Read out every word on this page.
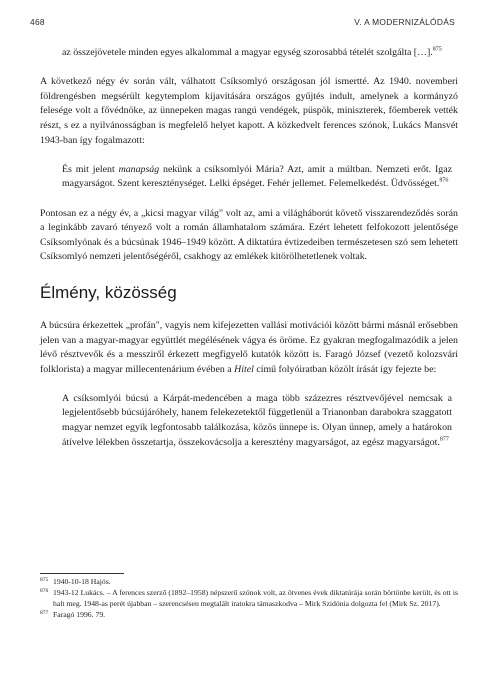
468	V. A MODERNIZÁLÓDÁS

az összejövetele minden egyes alkalommal a magyar egység szorosabbá tételét szolgálta […].$^{875}$

A következő négy év során vált, válhatott Csíksomlyó országosan jól ismertté. Az 1940. novemberi földrengésben megsérült kegytemplom kijavítására országos gyűjtés indult, amelynek a kormányzó felesége volt a fővédnöke, az ünnepeken magas rangú vendégek, püspök, miniszterek, főemberek vették részt, s ez a nyilvánosságban is megfelelő helyet kapott. A közkedvelt ferences szónok, Lukács Mansvét 1943-ban így fogalmazott:

És mit jelent manapság nekünk a csíksomlyói Mária? Azt, amit a múltban. Nemzeti erőt. Igaz magyarságot. Szent kereszténységet. Lelki épséget. Fehér jellemet. Felemelkedést. Üdvösséget.$^{876}$

Pontosan ez a négy év, a „kicsi magyar világ" volt az, ami a világháborút követő visszarendeződés során a leginkább zavaró tényező volt a román államhatalom számára. Ezért lehetett felfokozott jelentősége Csíksomlyónak és a búcsúnak 1946–1949 között. A diktatúra évtizedeiben természetesen szó sem lehetett Csíksomlyó nemzeti jelentőségéről, csakhogy az emlékek kitörölhetetlenek voltak.

Élmény, közösség

A búcsúra érkezettek „profán", vagyis nem kifejezetten vallási motivációi között bármi másnál erősebben jelen van a magyar-magyar együttlét megélésének vágya és öröme. Ez gyakran megfogalmazódik a jelen lévő résztvevők és a messziről érkezett megfigyelő kutatók között is. Faragó József (vezető kolozsvári folklorista) a magyar millecentenárium évében a Hitel című folyóiratban közölt írását így fejezte be:

A csíksomlyói búcsú a Kárpát-medencében a maga több százezres résztvevőjével nemcsak a legjelentősebb búcsújáróhely, hanem felekezetektől függetlenül a Trianonban darabokra szaggatott magyar nemzet egyik legfontosabb találkozása, közös ünnepe is. Olyan ünnep, amely a határokon átívelve lélekben összetartja, összekovácsolja a keresztény magyarságot, az egész magyarságot.$^{877}$

875 1940-10-18 Hajós.
876 1943-12 Lukács. – A ferences szerző (1892–1958) népszerű szónok volt, az ötvenes évek diktatúrája során börtönbe került, és ott is halt meg. 1948-as perét újabban – szerencsésen megtalált iratokra támaszkodva – Mirk Szidónia dolgozta fel (Mirk Sz. 2017).
877 Faragó 1996. 79.
